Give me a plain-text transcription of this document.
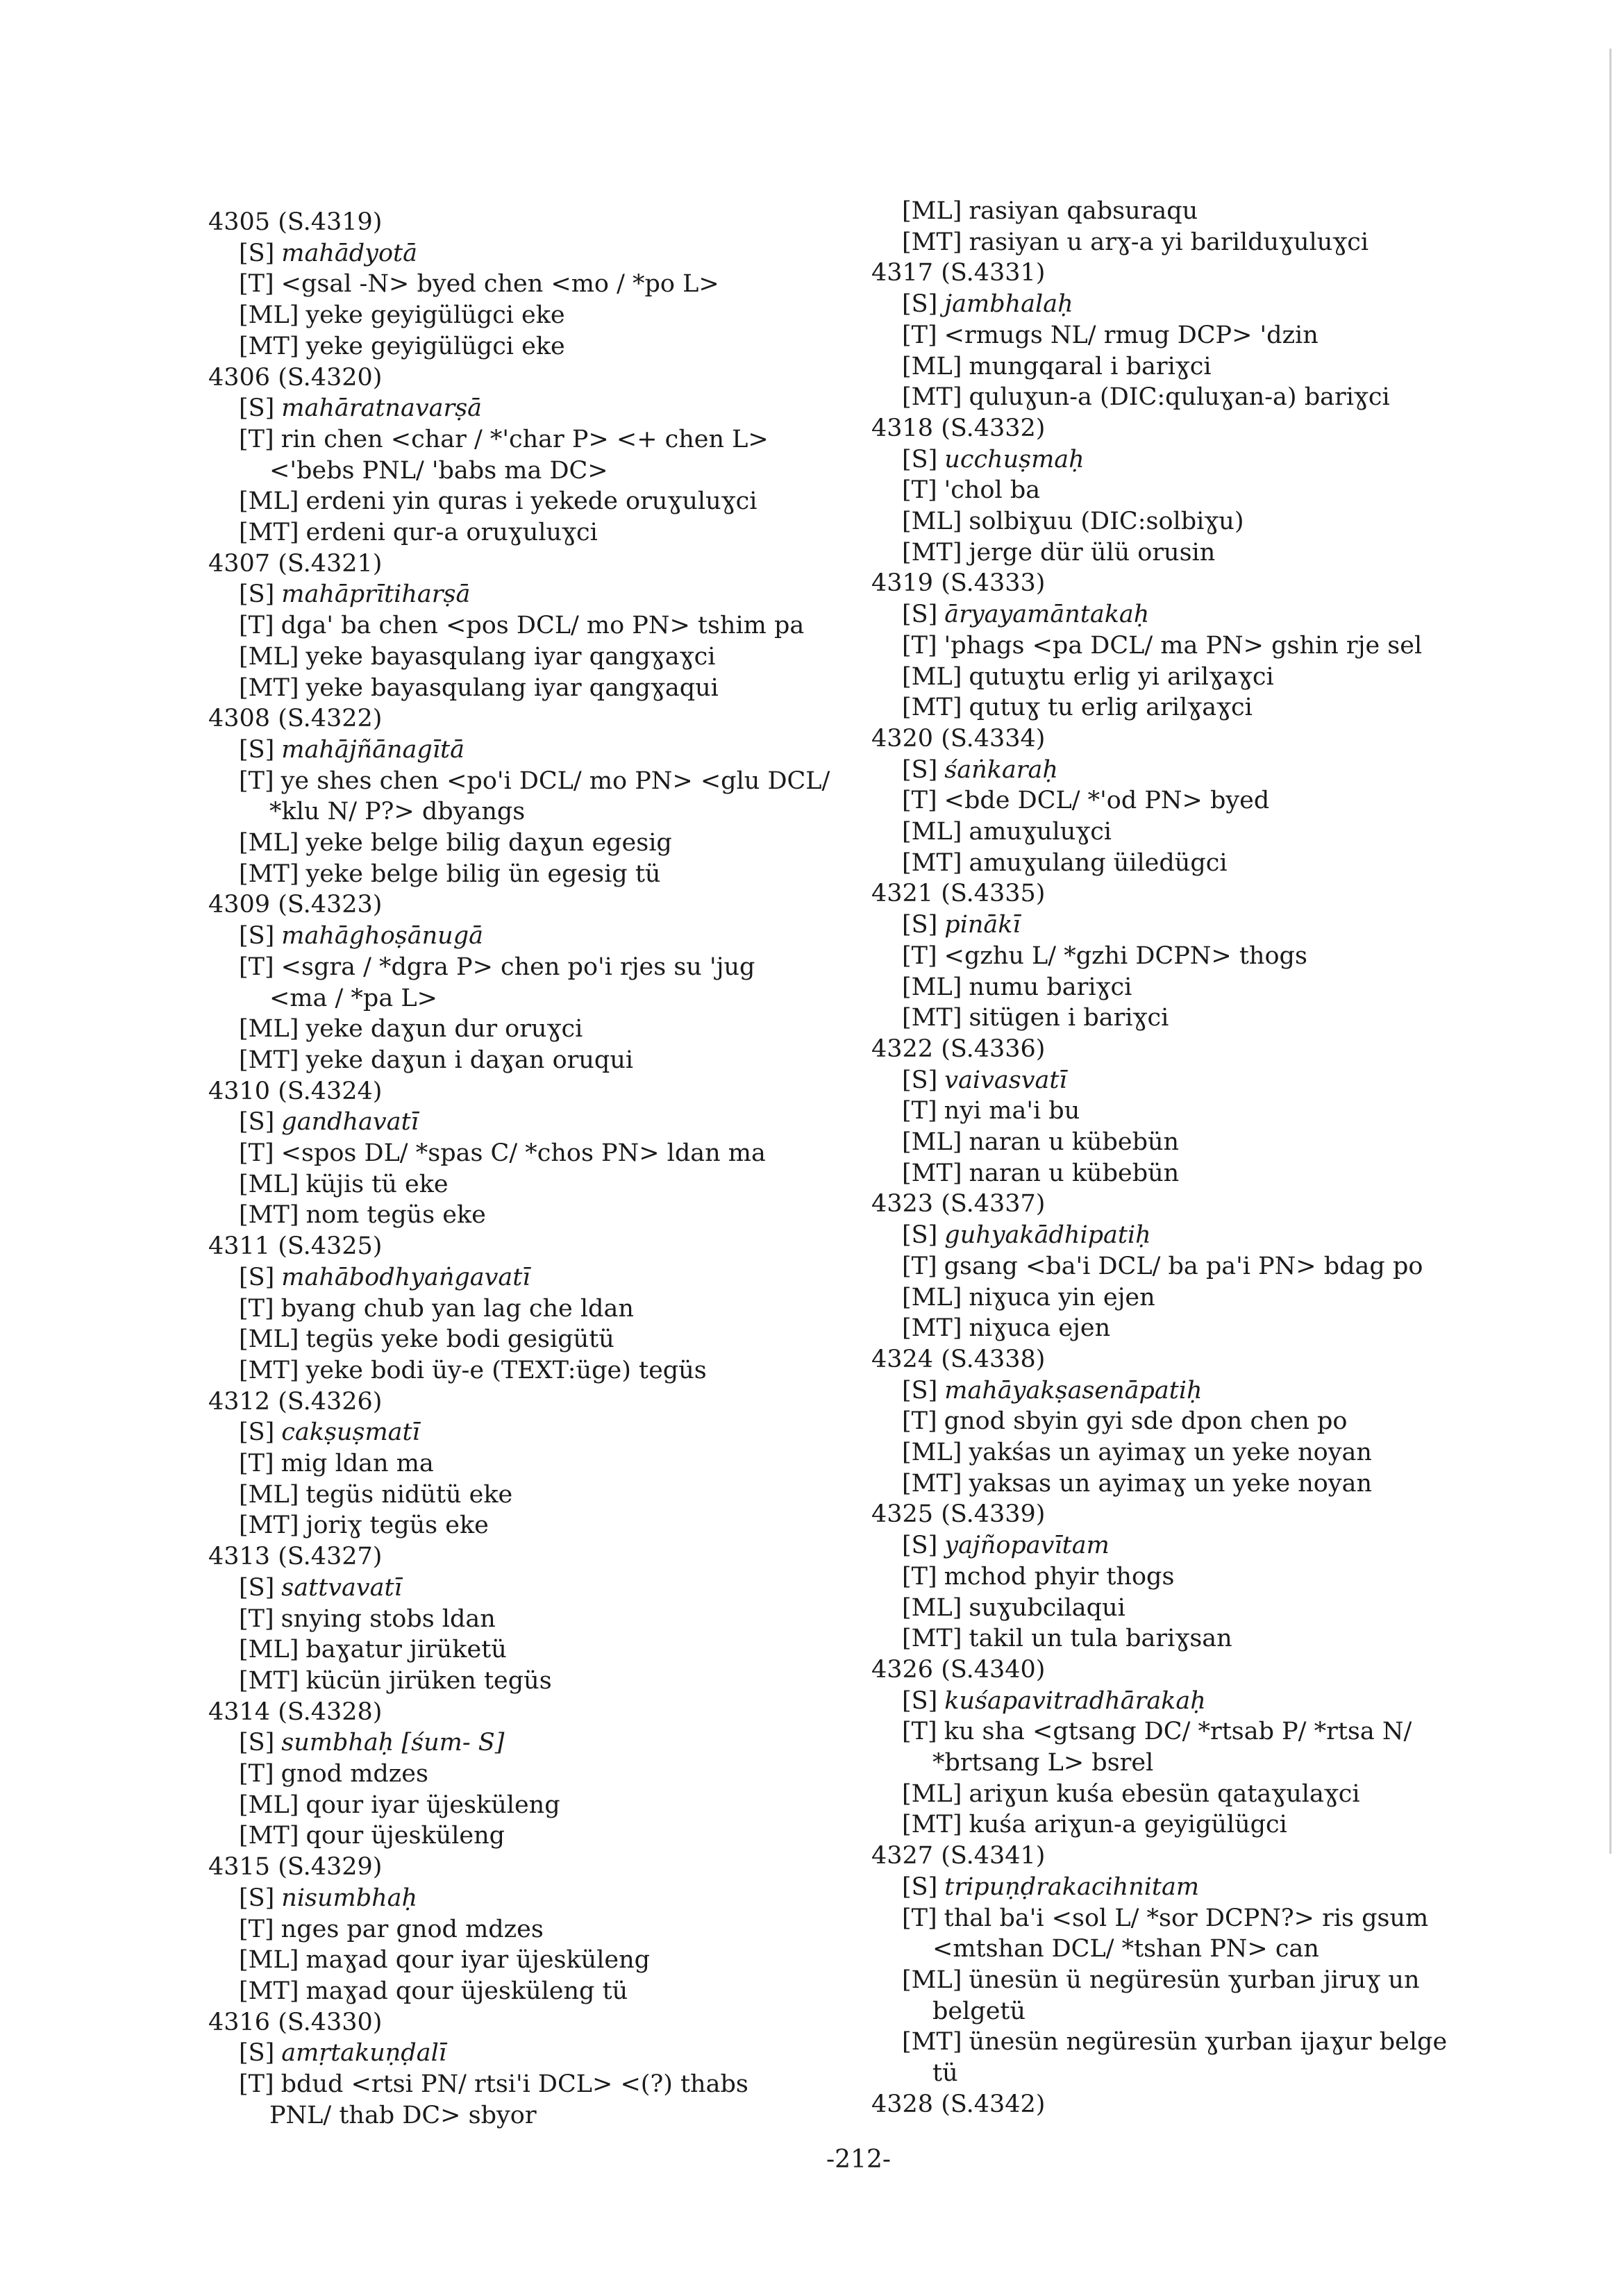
4305 (S.4319)
[S] mahādyotā
[T] <gsal -N> byed chen <mo / *po L>
[ML] yeke geyigülügci eke
[MT] yeke geyigülügci eke
4306 (S.4320)
[S] mahāratnavarṣā
[T] rin chen <char / *'char P> <+ chen L>
<'bebs PNL/ 'babs ma DC>
[ML] erdeni yin quras i yekede oruɣuluɣci
[MT] erdeni qur-a oruɣuluɣci
4307 (S.4321)
[S] mahāprītiharṣā
[T] dga' ba chen <pos DCL/ mo PN> tshim pa
[ML] yeke bayasqulang iyar qangɣaɣci
[MT] yeke bayasqulang iyar qangɣaqui
4308 (S.4322)
[S] mahājñānagītā
[T] ye shes chen <po'i DCL/ mo PN> <glu DCL/
*klu N/ P?> dbyangs
[ML] yeke belge bilig daɣun egesig
[MT] yeke belge bilig ün egesig tü
4309 (S.4323)
[S] mahāghoṣānugā
[T] <sgra / *dgra P> chen po'i rjes su 'jug
<ma / *pa L>
[ML] yeke daɣun dur oruɣci
[MT] yeke daɣun i daɣan oruqui
4310 (S.4324)
[S] gandhavatī
[T] <spos DL/ *spas C/ *chos PN> ldan ma
[ML] küjis tü eke
[MT] nom tegüs eke
4311 (S.4325)
[S] mahābodhyaṅgavatī
[T] byang chub yan lag che ldan
[ML] tegüs yeke bodi gesigütü
[MT] yeke bodi üy-e (TEXT:üge) tegüs
4312 (S.4326)
[S] cakṣuṣmatī
[T] mig ldan ma
[ML] tegüs nidütü eke
[MT] joriɣ tegüs eke
4313 (S.4327)
[S] sattvavatī
[T] snying stobs ldan
[ML] baɣatur jirüketü
[MT] kücün jirüken tegüs
4314 (S.4328)
[S] sumbhaḥ [śum- S]
[T] gnod mdzes
[ML] qour iyar üjesküleng
[MT] qour üjesküleng
4315 (S.4329)
[S] nisumbhaḥ
[T] nges par gnod mdzes
[ML] maɣad qour iyar üjesküleng
[MT] maɣad qour üjesküleng tü
4316 (S.4330)
[S] amṛtakuṇḍalī
[T] bdud <rtsi PN/ rtsi'i DCL> <(?) thabs
PNL/ thab DC> sbyor
[ML] rasiyan qabsuraqu
[MT] rasiyan u arɣ-a yi barilduɣuluɣci
4317 (S.4331)
[S] jambhalaḥ
[T] <rmugs NL/ rmug DCP> 'dzin
[ML] mungqaral i bariɣci
[MT] quluɣun-a (DIC:quluɣan-a) bariɣci
4318 (S.4332)
[S] ucchuṣmaḥ
[T] 'chol ba
[ML] solbiɣuu (DIC:solbiɣu)
[MT] jerge dür ülü orusin
4319 (S.4333)
[S] āryayamāntakaḥ
[T] 'phags <pa DCL/ ma PN> gshin rje sel
[ML] qutuɣtu erlig yi arilɣaɣci
[MT] qutuɣ tu erlig arilɣaɣci
4320 (S.4334)
[S] śaṅkaraḥ
[T] <bde DCL/ *'od PN> byed
[ML] amuɣuluɣci
[MT] amuɣulang üiledügci
4321 (S.4335)
[S] pinākī
[T] <gzhu L/ *gzhi DCPN> thogs
[ML] numu bariɣci
[MT] sitügen i bariɣci
4322 (S.4336)
[S] vaivasvatī
[T] nyi ma'i bu
[ML] naran u kübebün
[MT] naran u kübebün
4323 (S.4337)
[S] guhyakādhipatiḥ
[T] gsang <ba'i DCL/ ba pa'i PN> bdag po
[ML] niɣuca yin ejen
[MT] niɣuca ejen
4324 (S.4338)
[S] mahāyakṣasenāpatiḥ
[T] gnod sbyin gyi sde dpon chen po
[ML] yakśas un ayimaɣ un yeke noyan
[MT] yaksas un ayimaɣ un yeke noyan
4325 (S.4339)
[S] yajñopavītam
[T] mchod phyir thogs
[ML] suɣubcilaqui
[MT] takil un tula bariɣsan
4326 (S.4340)
[S] kuśapavitradhārakaḥ
[T] ku sha <gtsang DC/ *rtsab P/ *rtsa N/
*brtsang L> bsrel
[ML] ariɣun kuśa ebesün qataɣulaɣci
[MT] kuśa ariɣun-a geyigülügci
4327 (S.4341)
[S] tripuṇḍrakacihnitam
[T] thal ba'i <sol L/ *sor DCPN?> ris gsum
<mtshan DCL/ *tshan PN> can
[ML] ünesün ü negüresün ɣurban jiruɣ un
belgetü
[MT] ünesün negüresün ɣurban ijaɣur belge
tü
4328 (S.4342)
-212-
